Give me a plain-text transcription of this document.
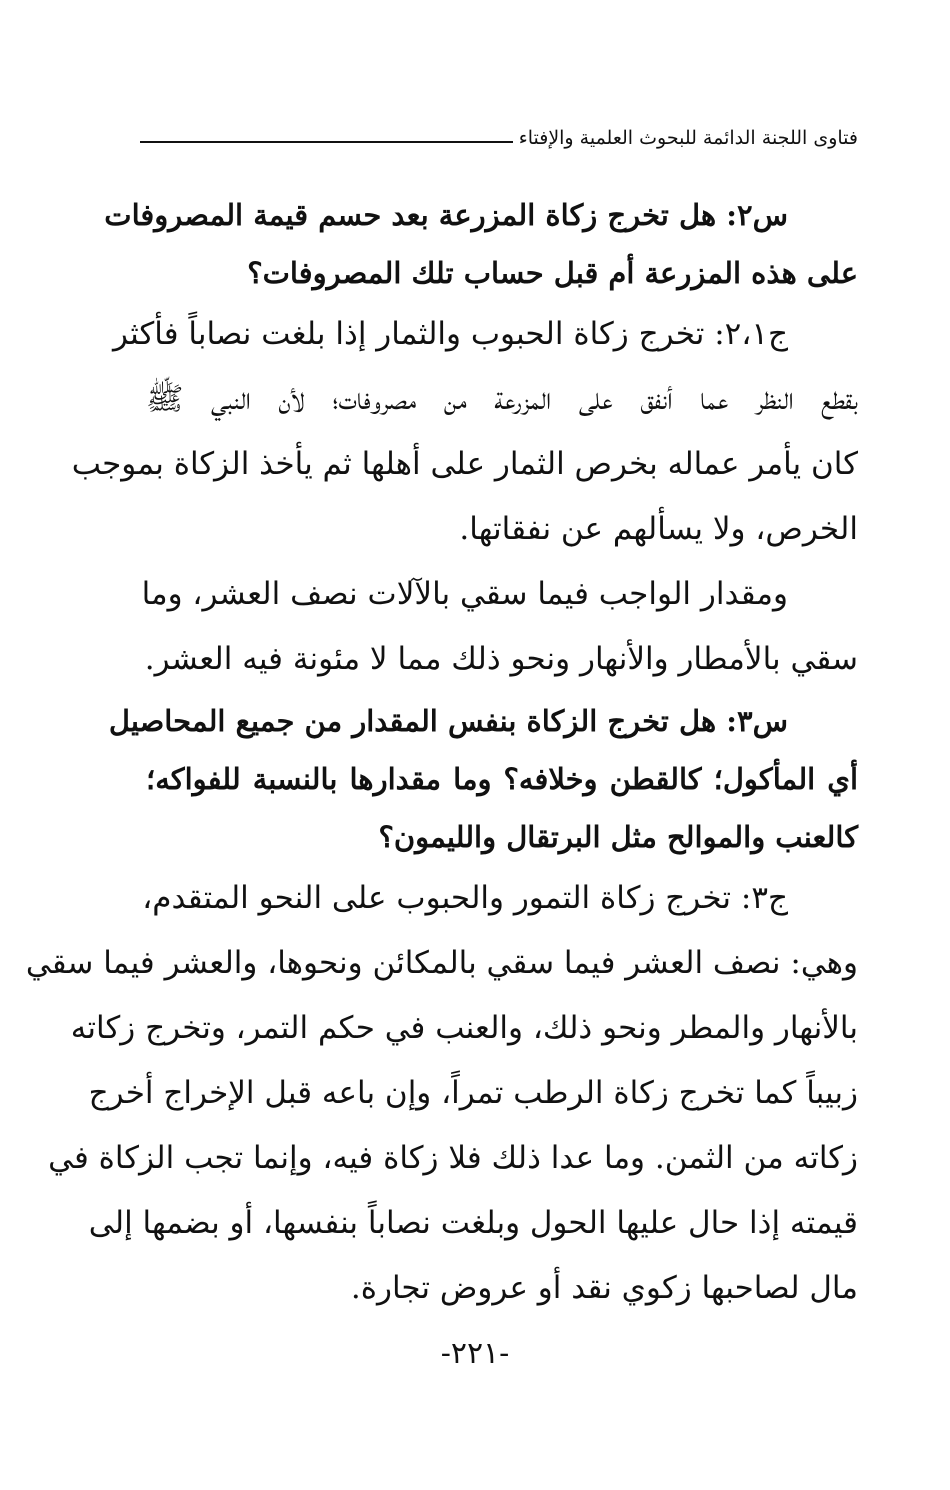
فتاوى اللجنة الدائمة للبحوث العلمية والإفتاء
س٢: هل تخرج زكاة المزرعة بعد حسم قيمة المصروفات
على هذه المزرعة أم قبل حساب تلك المصروفات؟
ج٢،١: تخرج زكاة الحبوب والثمار إذا بلغت نصاباً فأكثر
بقطع النظر عما أنفق على المزرعة من مصروفات؛ لأن النبي ﷺ
كان يأمر عماله بخرص الثمار على أهلها ثم يأخذ الزكاة بموجب
الخرص، ولا يسألهم عن نفقاتها.
ومقدار الواجب فيما سقي بالآلات نصف العشر، وما
سقي بالأمطار والأنهار ونحو ذلك مما لا مئونة فيه العشر.
س٣: هل تخرج الزكاة بنفس المقدار من جميع المحاصيل
أي المأكول؛ كالقطن وخلافه؟ وما مقدارها بالنسبة للفواكه؛
كالعنب والموالح مثل البرتقال والليمون؟
ج٣: تخرج زكاة التمور والحبوب على النحو المتقدم،
وهي: نصف العشر فيما سقي بالمكائن ونحوها، والعشر فيما سقي
بالأنهار والمطر ونحو ذلك، والعنب في حكم التمر، وتخرج زكاته
زبيباً كما تخرج زكاة الرطب تمراً، وإن باعه قبل الإخراج أخرج
زكاته من الثمن. وما عدا ذلك فلا زكاة فيه، وإنما تجب الزكاة في
قيمته إذا حال عليها الحول وبلغت نصاباً بنفسها، أو بضمها إلى
مال لصاحبها زكوي نقد أو عروض تجارة.
-٢٢١-
